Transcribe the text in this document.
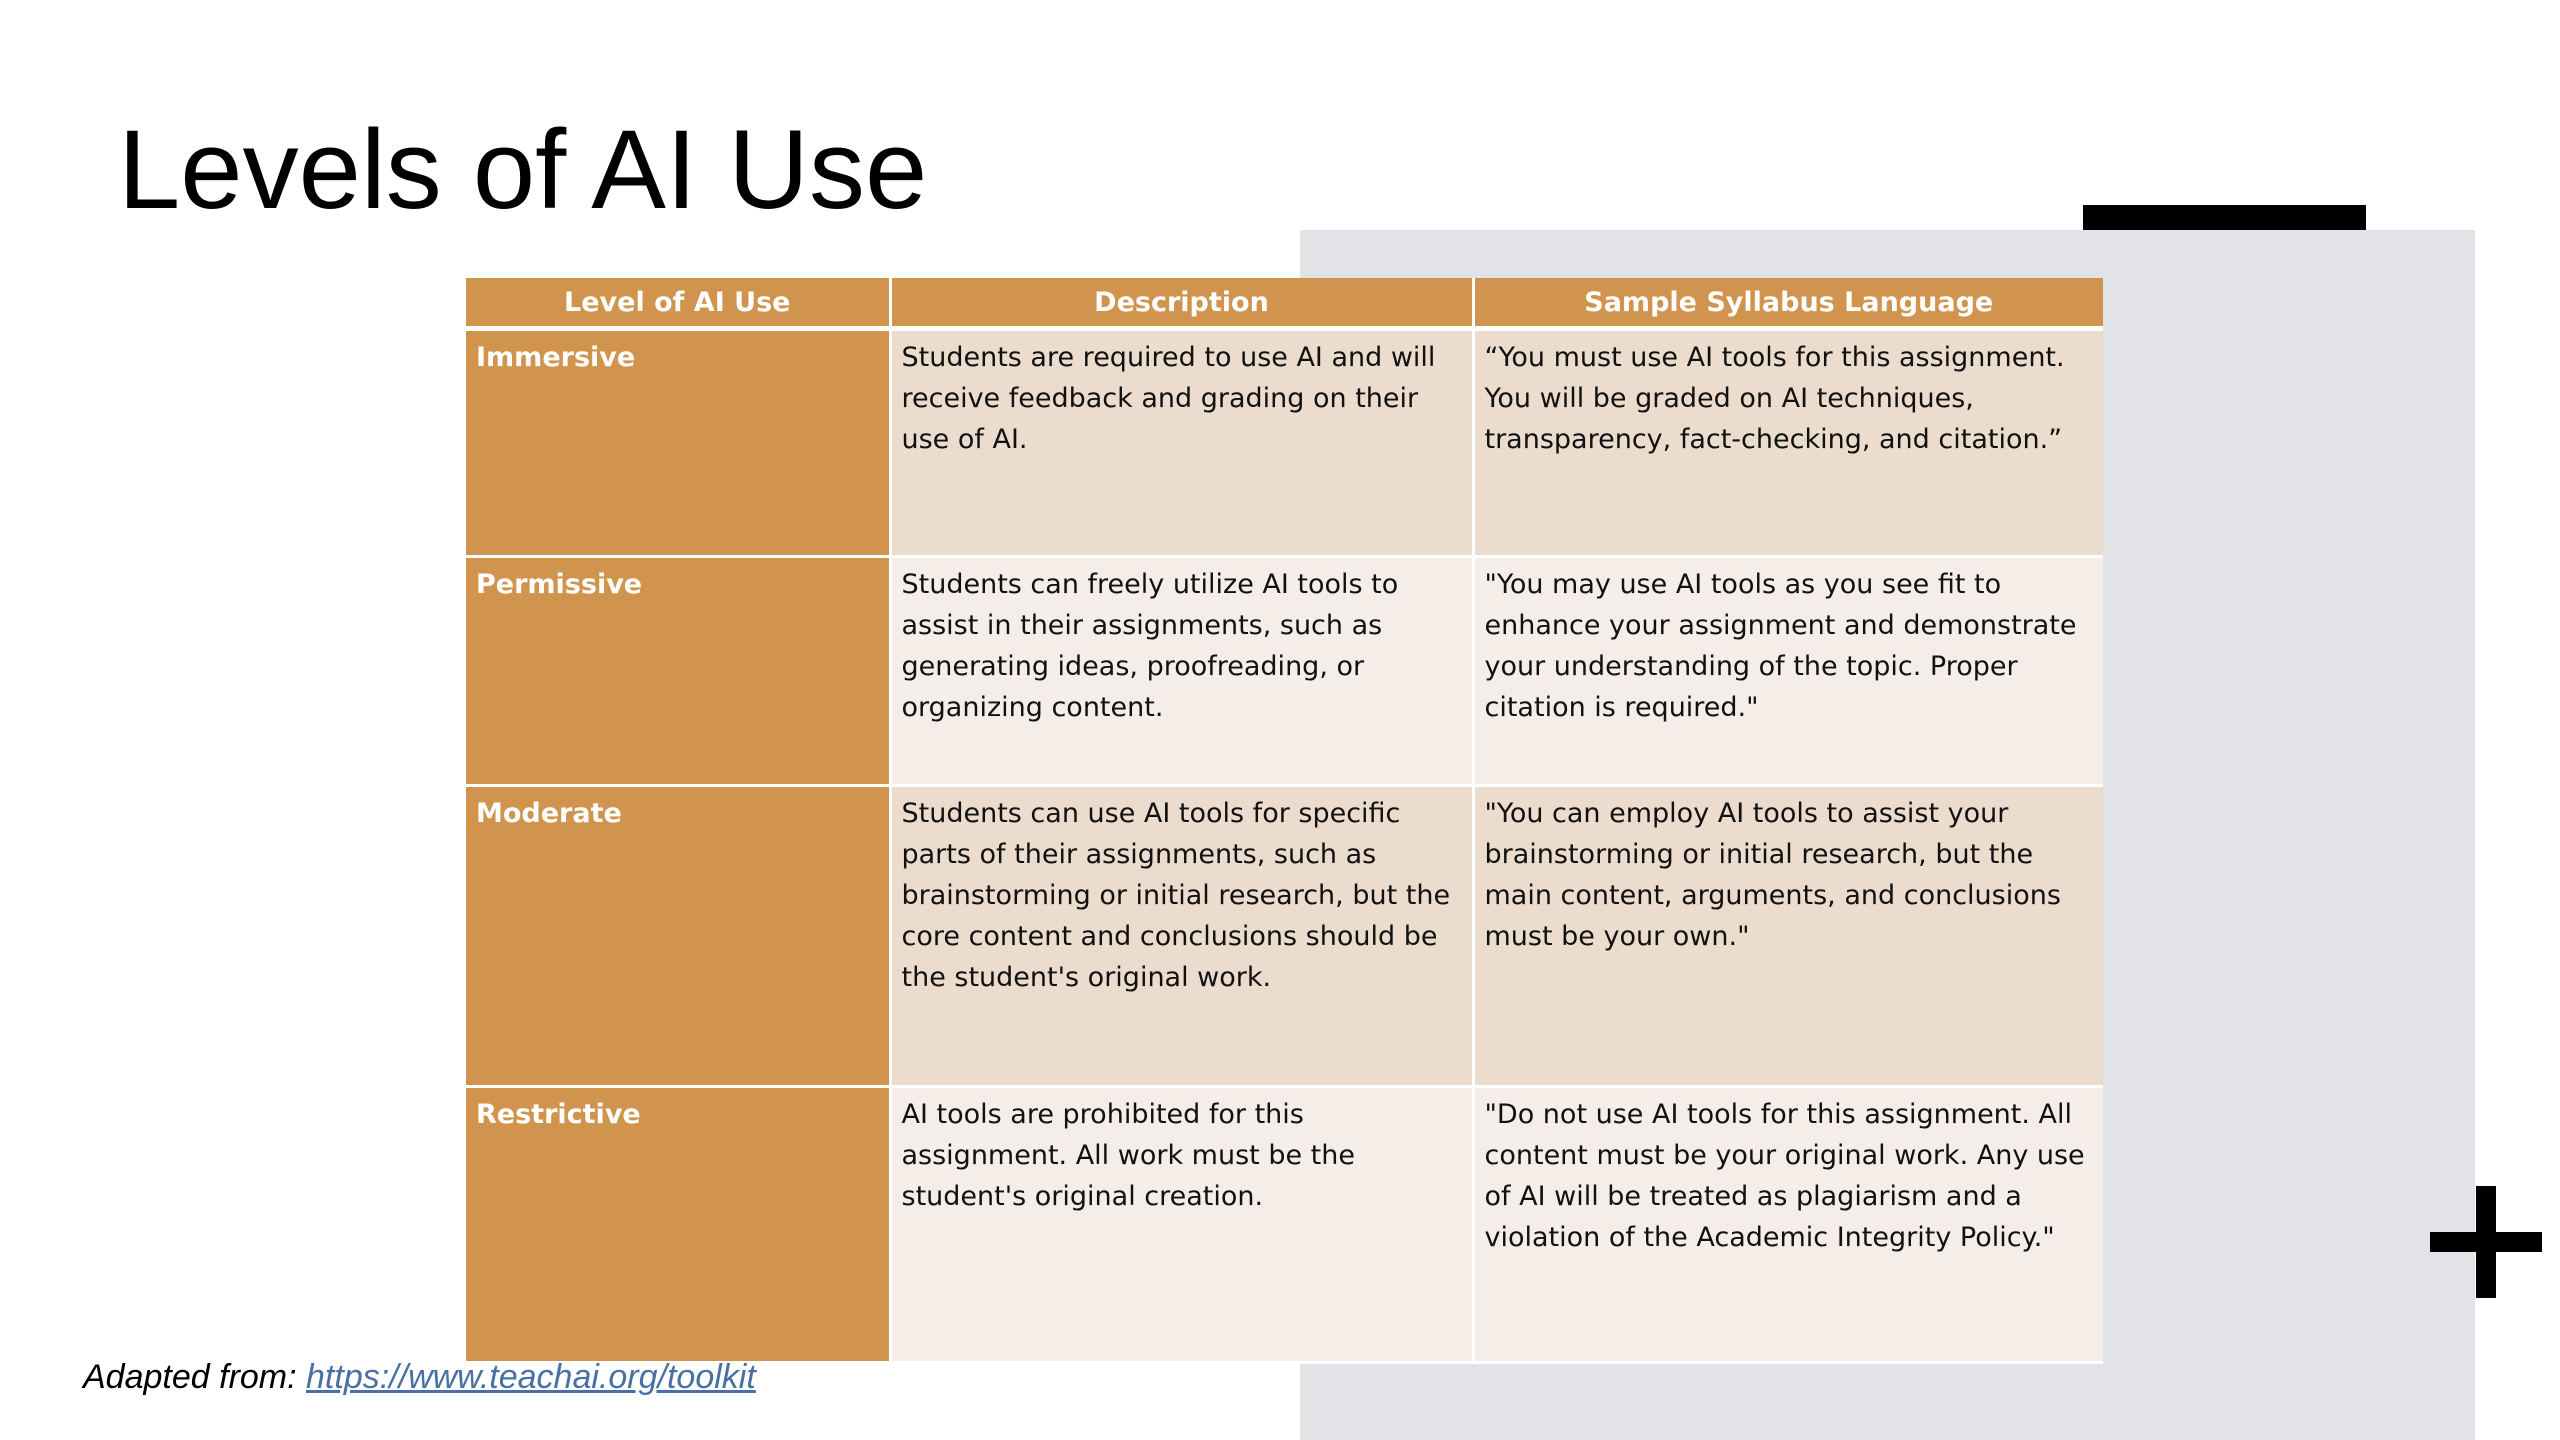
Levels of AI Use
Level of AI Use	Description	Sample Syllabus Language
Immersive	Students are required to use AI and will receive feedback and grading on their use of AI.	“You must use AI tools for this assignment. You will be graded on AI techniques, transparency, fact-checking, and citation.”
Permissive	Students can freely utilize AI tools to assist in their assignments, such as generating ideas, proofreading, or organizing content.	"You may use AI tools as you see fit to enhance your assignment and demonstrate your understanding of the topic. Proper citation is required."
Moderate	Students can use AI tools for specific parts of their assignments, such as brainstorming or initial research, but the core content and conclusions should be the student's original work.	"You can employ AI tools to assist your brainstorming or initial research, but the main content, arguments, and conclusions must be your own."
Restrictive	AI tools are prohibited for this assignment. All work must be the student's original creation.	"Do not use AI tools for this assignment. All content must be your original work. Any use of AI will be treated as plagiarism and a violation of the Academic Integrity Policy."
Adapted from: https://www.teachai.org/toolkit
